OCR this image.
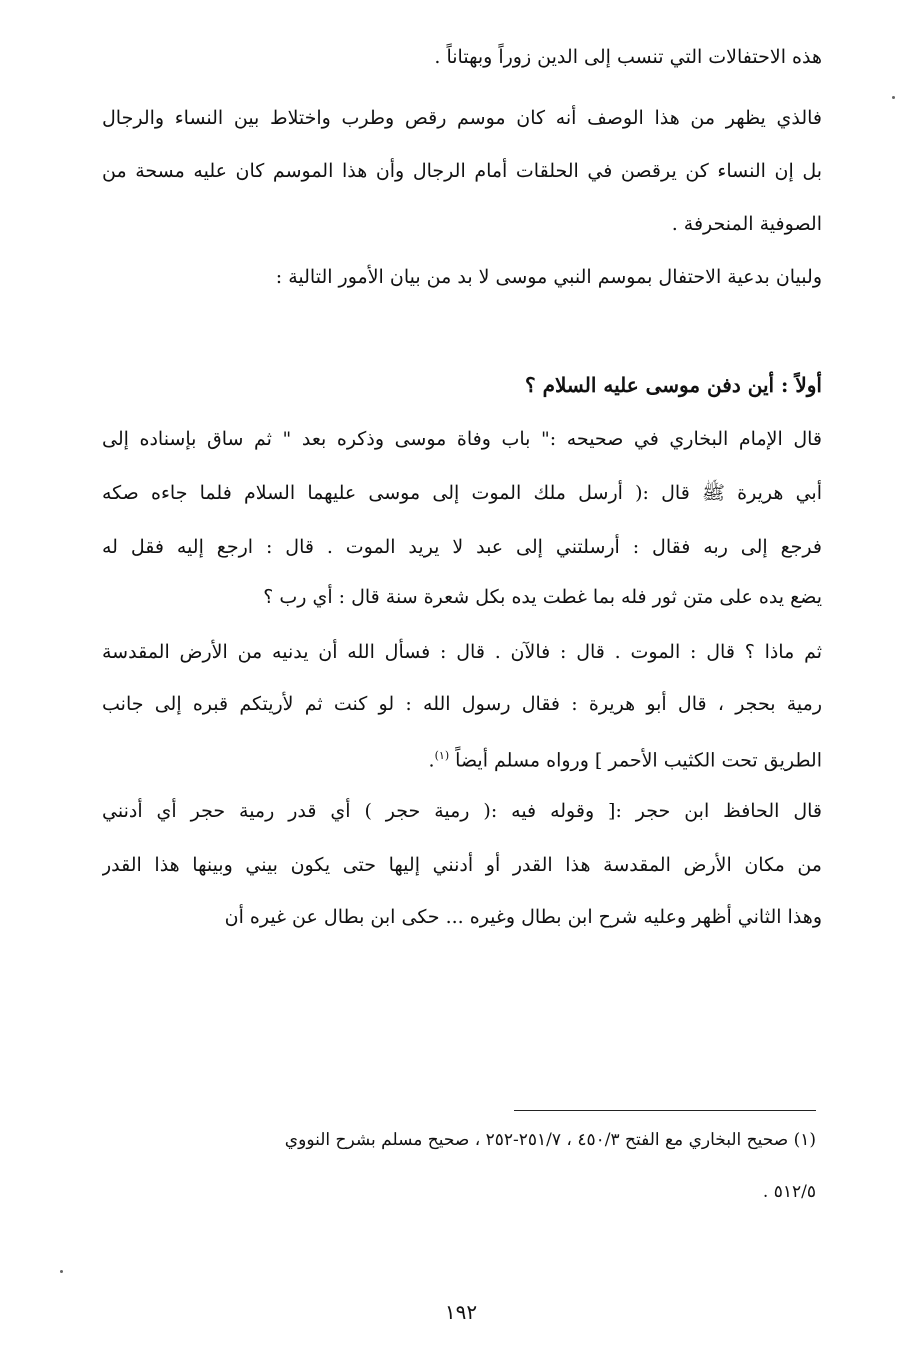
هذه الاحتفالات التي تنسب إلى الدين زوراً وبهتاناً .
فالذي يظهر من هذا الوصف أنه كان موسم رقص وطرب واختلاط بين النساء والرجال
بل إن النساء كن يرقصن في الحلقات أمام الرجال وأن هذا الموسم كان عليه مسحة من
الصوفية المنحرفة .
ولبيان بدعية الاحتفال بموسم النبي موسى لا بد من بيان الأمور التالية :
أولاً : أين دفن موسى عليه السلام ؟
قال الإمام البخاري في صحيحه :" باب وفاة موسى وذكره بعد " ثم ساق بإسناده إلى
أبي هريرة ﷺ قال :( أرسل ملك الموت إلى موسى عليهما السلام فلما جاءه صكه
فرجع إلى ربه فقال : أرسلتني إلى عبد لا يريد الموت . قال : ارجع إليه فقل له
يضع يده على متن ثور فله بما غطت يده بكل شعرة سنة قال : أي رب ؟
ثم ماذا ؟ قال : الموت . قال : فالآن . قال : فسأل الله أن يدنيه من الأرض المقدسة
رمية بحجر ، قال أبو هريرة : فقال رسول الله : لو كنت ثم لأريتكم قبره إلى جانب
الطريق تحت الكثيب الأحمر ] ورواه مسلم أيضاً $^{(١)}$.
قال الحافظ ابن حجر :[ وقوله فيه :( رمية حجر ) أي قدر رمية حجر أي أدنني
من مكان الأرض المقدسة هذا القدر أو أدنني إليها حتى يكون بيني وبينها هذا القدر
وهذا الثاني أظهر وعليه شرح ابن بطال وغيره ... حكى ابن بطال عن غيره أن
(١) صحيح البخاري مع الفتح ٤٥٠/٣ ، ٢٥١/٧-٢٥٢ ، صحيح مسلم بشرح النووي
٥١٢/٥ .
١٩٢
